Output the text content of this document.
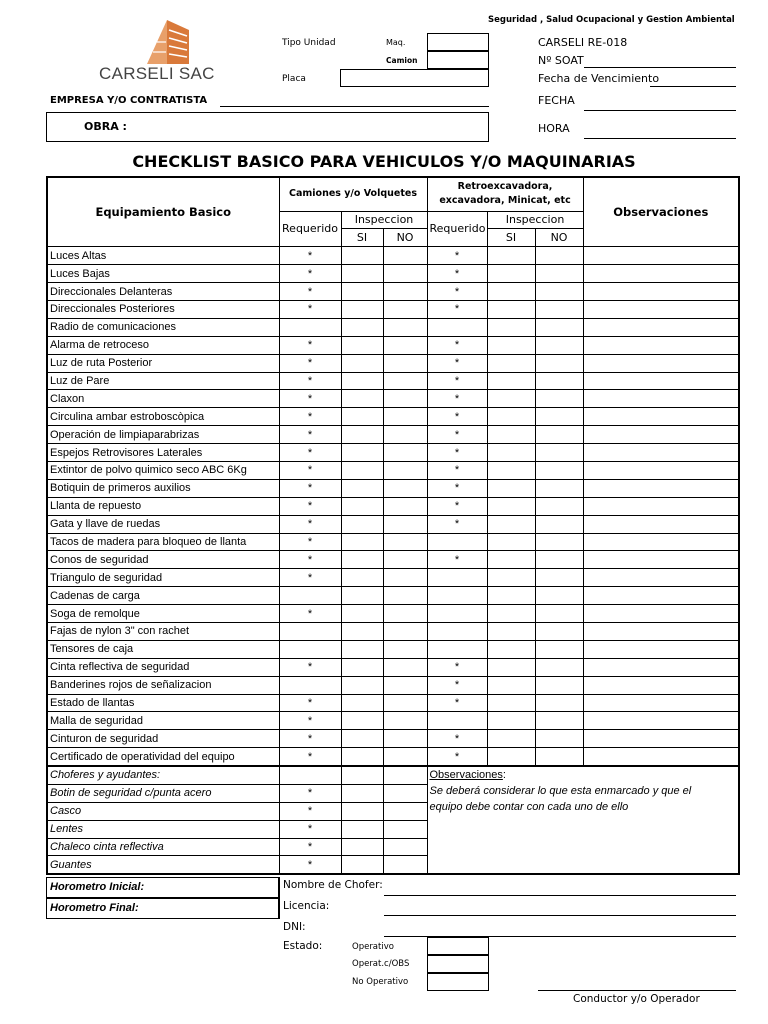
CARSELI SAC
Seguridad , Salud Ocupacional y Gestion Ambiental
Tipo Unidad	Maq.
Camion
Placa
CARSELI RE-018
Nº SOAT
Fecha de Vencimiento
FECHA
HORA
EMPRESA Y/O CONTRATISTA
OBRA :
CHECKLIST BASICO PARA VEHICULOS Y/O MAQUINARIAS
Equipamiento Basico	Camiones y/o Volquetes			Retroexcavadora,
excavadora, Minicat, etc			Observaciones
	Requerido	Inspeccion		Requerido	Inspeccion		
		SI	NO		SI	NO	
Luces Altas	*			*			
Luces Bajas	*			*			
Direccionales Delanteras	*			*			
Direccionales Posteriores	*			*			
Radio de comunicaciones							
Alarma de retroceso	*			*			
Luz de ruta Posterior	*			*			
Luz de Pare	*			*			
Claxon	*			*			
Circulina ambar estroboscòpica	*			*			
Operación de limpiaparabrizas	*			*			
Espejos Retrovisores Laterales	*			*			
Extintor de polvo quimico seco ABC 6Kg	*			*			
Botiquin de primeros auxilios	*			*			
Llanta de repuesto	*			*			
Gata y llave de ruedas	*			*			
Tacos de madera para bloqueo de llanta	*						
Conos de seguridad	*			*			
Triangulo de seguridad	*						
Cadenas de carga							
Soga de remolque	*						
Fajas de nylon 3" con rachet							
Tensores de caja							
Cinta reflectiva de seguridad	*			*			
Banderines rojos de señalizacion				*			
Estado de llantas	*			*			
Malla de seguridad	*						
Cinturon de seguridad	*			*			
Certificado de operatividad del equipo	*			*			
Choferes y ayudantes:				Observaciones:
Se deberá considerar lo que esta enmarcado y que el
equipo debe contar con cada uno de ello
Botin de seguridad c/punta acero	*			
Casco	*			
Lentes	*			
Chaleco cinta reflectiva	*			
Guantes	*			
Horometro Inicial:
Horometro Final:
Nombre de Chofer:
Licencia:
DNI:
Estado:	Operativo
Operat.c/OBS
No Operativo
Conductor y/o Operador
